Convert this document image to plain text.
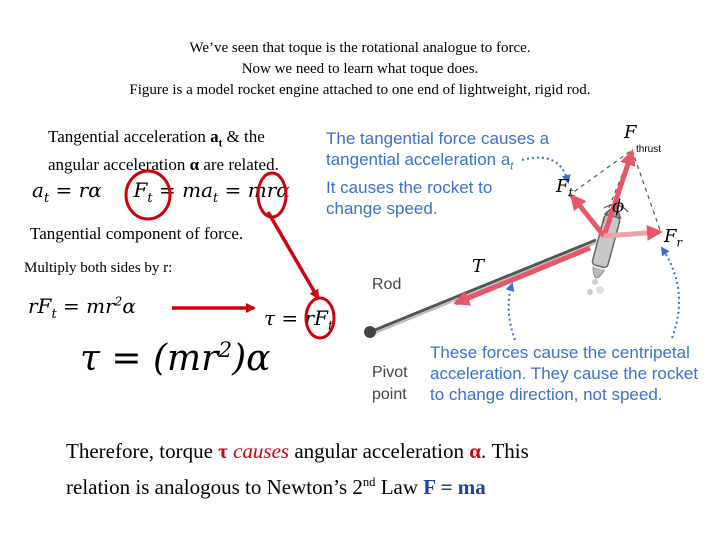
We’ve seen that toque is the rotational analogue to force.
Now we need to learn what toque does.
Figure is a model rocket engine attached to one end of lightweight, rigid rod.
Tangential acceleration $a_t$ & the
angular acceleration α are related.
$a_t = r\alpha$ $F_t = ma_t = mr\alpha$
Tangential component of force.
Multiply both sides by r:
$rF_t = mr^2\alpha$	$\tau = rF_t$
$\tau = (mr^2)\alpha$
The tangential force causes a
tangential acceleration $a_t$
It causes the rocket to
change speed.
These forces cause the centripetal
acceleration. They cause the rocket
to change direction, not speed.
Rod
Pivot
point
F
thrust
$F_t$
$F_r$
T
ϕ
Therefore, torque τ causes angular acceleration α. This
relation is analogous to Newton’s 2nd Law F = ma
